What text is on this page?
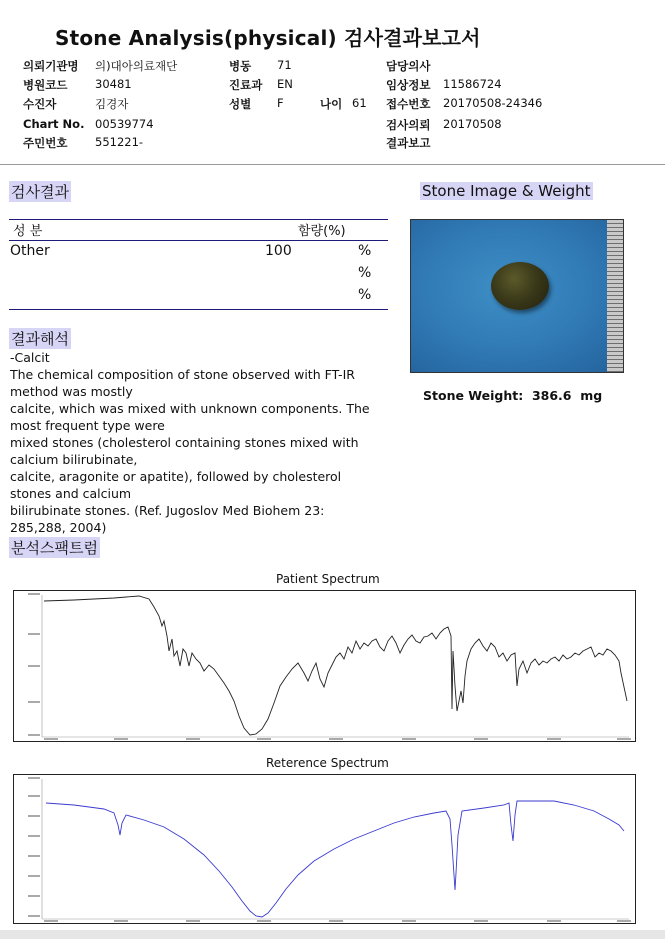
Stone Analysis(physical) 검사결과보고서
의뢰기관명 의)대아의료재단	병동 71	담당의사
병원코드 30481	진료과 EN	임상정보 11586724
수진자	김경자	성별 F	나이 61 접수번호 20170508-24346
Chart No. 00539774	검사의뢰 20170508
주민번호 551221-	결과보고
검사결과
성 분	함량(%)
Other	100	%
%
%
Stone Image & Weight
Stone Weight: 386.6 mg
결과해석
-Calcit
The chemical composition of stone observed with FT-IR
method was mostly
calcite, which was mixed with unknown components. The
most frequent type were
mixed stones (cholesterol containing stones mixed with
calcium bilirubinate,
calcite, aragonite or apatite), followed by cholesterol
stones and calcium
bilirubinate stones. (Ref. Jugoslov Med Biohem 23:
285,288, 2004)
분석스팩트럼
Patient Spectrum
Reterence Spectrum
